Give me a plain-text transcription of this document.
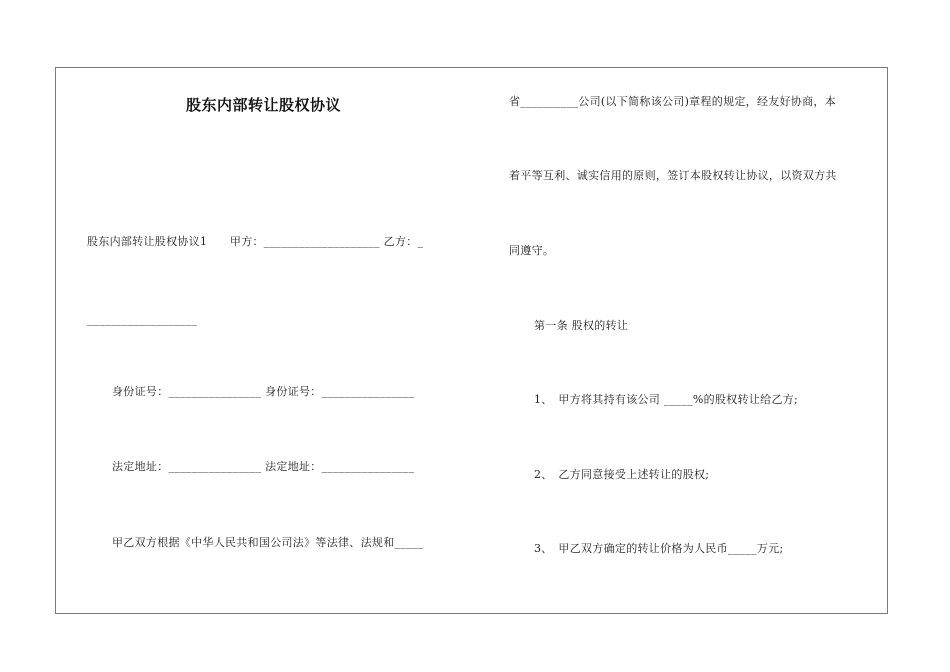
股东内部转让股权协议
股东内部转让股权协议1　　甲方：____________________ 乙方：_
___________________
身份证号：________________ 身份证号：________________
法定地址：________________ 法定地址：________________
甲乙双方根据《中华人民共和国公司法》等法律、法规和_____
省__________公司(以下简称该公司)章程的规定，经友好协商，本
着平等互利、诚实信用的原则，签订本股权转让协议，以资双方共
同遵守。
第一条 股权的转让
1、　甲方将其持有该公司 _____%的股权转让给乙方;
2、　乙方同意接受上述转让的股权;
3、　甲乙双方确定的转让价格为人民币_____万元;
